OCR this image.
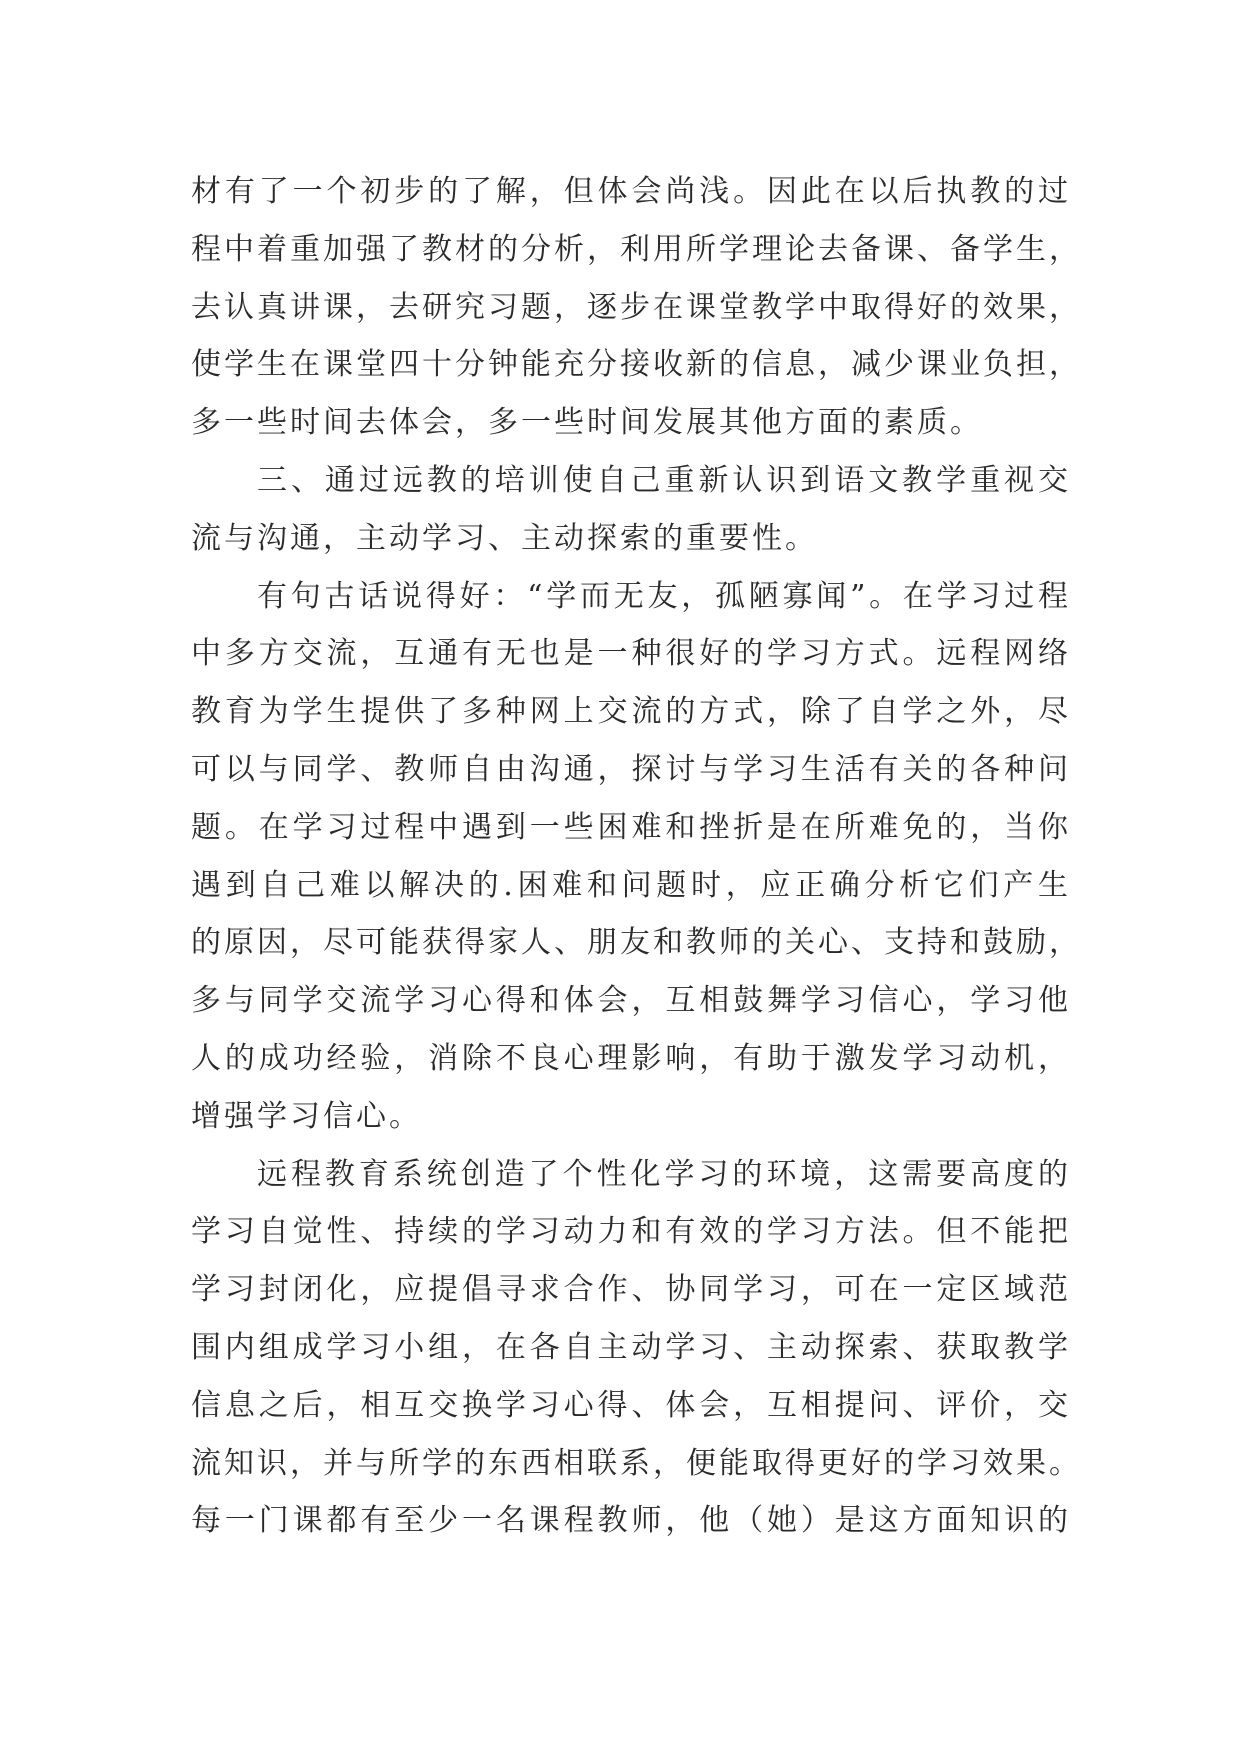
材有了一个初步的了解，但体会尚浅。因此在以后执教的过
程中着重加强了教材的分析，利用所学理论去备课、备学生，
去认真讲课，去研究习题，逐步在课堂教学中取得好的效果，
使学生在课堂四十分钟能充分接收新的信息，减少课业负担，
多一些时间去体会，多一些时间发展其他方面的素质。
三、通过远教的培训使自己重新认识到语文教学重视交
流与沟通，主动学习、主动探索的重要性。
有句古话说得好：“学而无友，孤陋寡闻”。在学习过程
中多方交流，互通有无也是一种很好的学习方式。远程网络
教育为学生提供了多种网上交流的方式，除了自学之外，尽
可以与同学、教师自由沟通，探讨与学习生活有关的各种问
题。在学习过程中遇到一些困难和挫折是在所难免的，当你
遇到自己难以解决的.困难和问题时，应正确分析它们产生
的原因，尽可能获得家人、朋友和教师的关心、支持和鼓励，
多与同学交流学习心得和体会，互相鼓舞学习信心，学习他
人的成功经验，消除不良心理影响，有助于激发学习动机，
增强学习信心。
远程教育系统创造了个性化学习的环境，这需要高度的
学习自觉性、持续的学习动力和有效的学习方法。但不能把
学习封闭化，应提倡寻求合作、协同学习，可在一定区域范
围内组成学习小组，在各自主动学习、主动探索、获取教学
信息之后，相互交换学习心得、体会，互相提问、评价，交
流知识，并与所学的东西相联系，便能取得更好的学习效果。
每一门课都有至少一名课程教师，他（她）是这方面知识的
